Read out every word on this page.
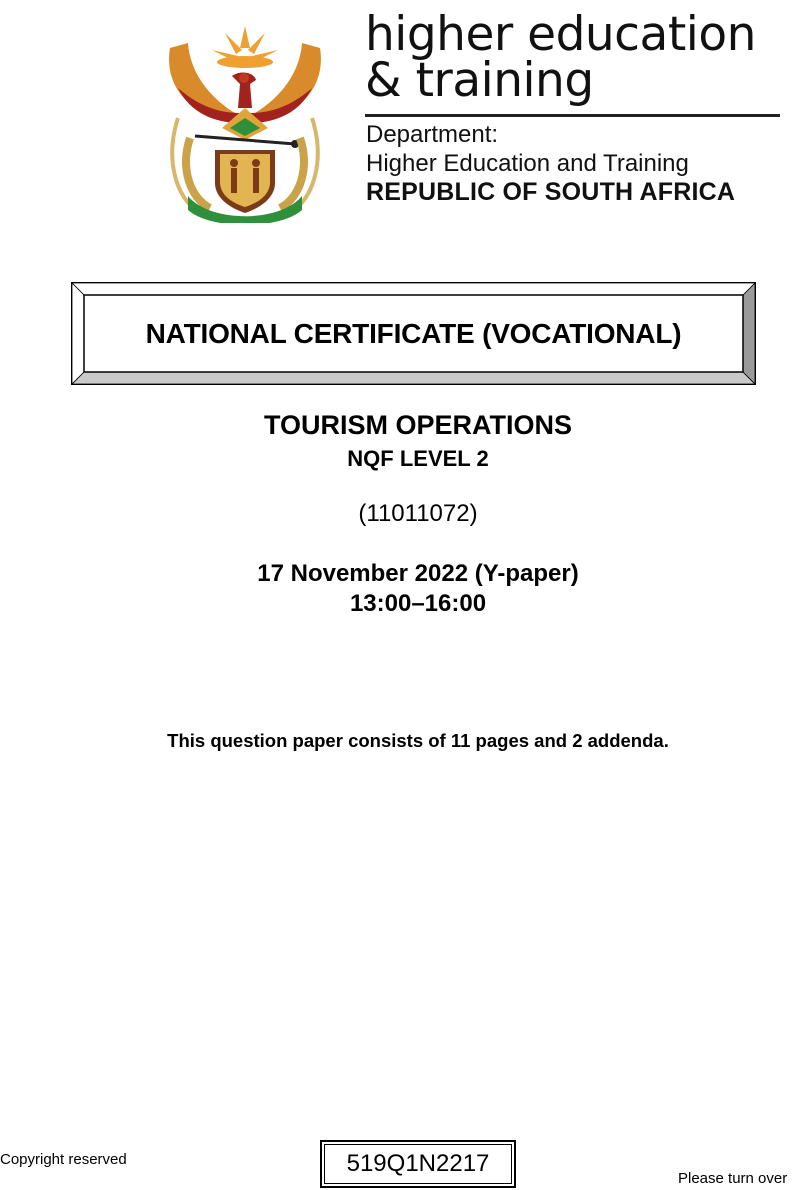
higher education
& training
Department:
Higher Education and Training
REPUBLIC OF SOUTH AFRICA
NATIONAL CERTIFICATE (VOCATIONAL)
TOURISM OPERATIONS
NQF LEVEL 2
(11011072)
17 November 2022 (Y-paper)
13:00–16:00
This question paper consists of 11 pages and 2 addenda.
Copyright reserved	519Q1N2217
Please turn over
